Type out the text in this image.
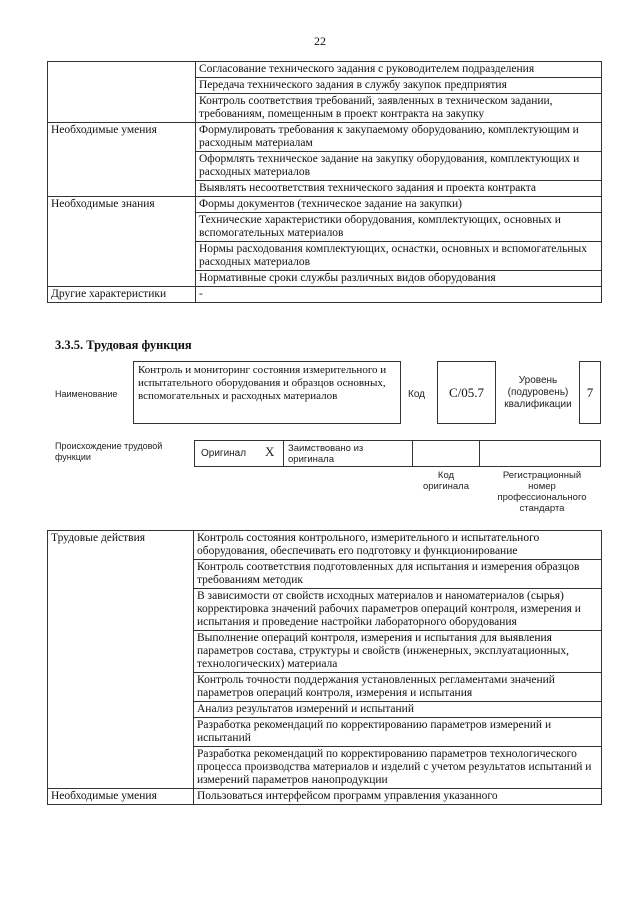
22
	Согласование технического задания с руководителем подразделения
	Передача технического задания в службу закупок предприятия
	Контроль соответствия требований, заявленных в техническом задании, требованиям, помещенным в проект контракта на закупку
Необходимые умения	Формулировать требования к закупаемому оборудованию, комплектующим и расходным материалам
	Оформлять техническое задание на закупку оборудования, комплектующих и расходных материалов
	Выявлять несоответствия технического задания и проекта контракта
Необходимые знания	Формы документов (техническое задание на закупки)
	Технические характеристики оборудования, комплектующих, основных и вспомогательных материалов
	Нормы расходования комплектующих, оснастки, основных и вспомогательных расходных материалов
	Нормативные сроки службы различных видов оборудования
Другие характеристики	-
3.3.5. Трудовая функция
Наименование
Контроль и мониторинг состояния измерительного и испытательного оборудования и образцов основных, вспомогательных и расходных материалов	Код	C/05.7
Уровень (подуровень) квалификации
7
Происхождение трудовой функции	Оригинал X Заимствовано из оригинала
Код оригинала
Регистрационный номер профессионального стандарта
Трудовые действия	Контроль состояния контрольного, измерительного и испытательного оборудования, обеспечивать его подготовку и функционирование
	Контроль соответствия подготовленных для испытания и измерения образцов требованиям методик
	В зависимости от свойств исходных материалов и наноматериалов (сырья) корректировка значений рабочих параметров операций контроля, измерения и испытания и проведение настройки лабораторного оборудования
	Выполнение операций контроля, измерения и испытания для выявления параметров состава, структуры и свойств (инженерных, эксплуатационных, технологических) материала
	Контроль точности поддержания установленных регламентами значений параметров операций контроля, измерения и испытания
	Анализ результатов измерений и испытаний
	Разработка рекомендаций по корректированию параметров измерений и испытаний
	Разработка рекомендаций по корректированию параметров технологического процесса производства материалов и изделий с учетом результатов испытаний и измерений параметров нанопродукции
Необходимые умения	Пользоваться интерфейсом программ управления указанного
